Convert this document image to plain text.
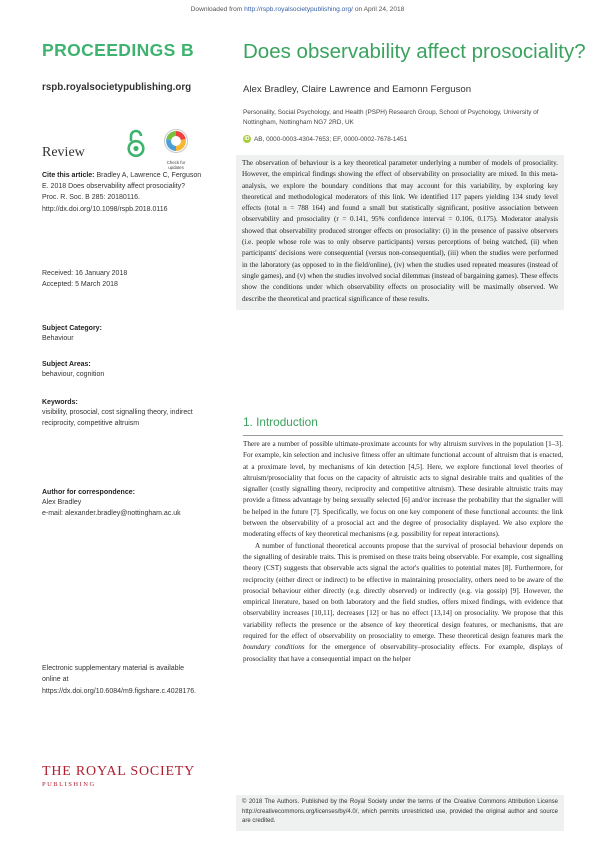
Downloaded from http://rspb.royalsocietypublishing.org/ on April 24, 2018
PROCEEDINGS B
rspb.royalsocietypublishing.org
Review
Check for updates
Cite this article: Bradley A, Lawrence C, Ferguson E. 2018 Does observability affect prosociality? Proc. R. Soc. B 285: 20180116. http://dx.doi.org/10.1098/rspb.2018.0116
Received: 16 January 2018
Accepted: 5 March 2018
Subject Category:
Behaviour
Subject Areas:
behaviour, cognition
Keywords:
visibility, prosocial, cost signalling theory, indirect reciprocity, competitive altruism
Author for correspondence:
Alex Bradley
e-mail: alexander.bradley@nottingham.ac.uk
Electronic supplementary material is available online at https://dx.doi.org/10.6084/m9.figshare.c.4028176.
THE ROYAL SOCIETY
PUBLISHING
Does observability affect prosociality?
Alex Bradley, Claire Lawrence and Eamonn Ferguson
Personality, Social Psychology, and Health (PSPH) Research Group, School of Psychology, University of Nottingham, Nottingham NG7 2RD, UK
iD AB, 0000-0003-4304-7653; EF, 0000-0002-7678-1451

The observation of behaviour is a key theoretical parameter underlying a number of models of prosociality. However, the empirical findings showing the effect of observability on prosociality are mixed. In this meta-analysis, we explore the boundary conditions that may account for this variability, by exploring key theoretical and methodological moderators of this link. We identified 117 papers yielding 134 study level effects (total n = 788 164) and found a small but statistically significant, positive association between observability and prosociality (r = 0.141, 95% confidence interval = 0.106, 0.175). Moderator analysis showed that observability produced stronger effects on prosociality: (i) in the presence of passive observers (i.e. people whose role was to only observe participants) versus perceptions of being watched, (ii) when participants' decisions were consequential (versus non-consequential), (iii) when the studies were performed in the laboratory (as opposed to in the field/online), (iv) when the studies used repeated measures (instead of single games), and (v) when the studies involved social dilemmas (instead of bargaining games). These effects show the conditions under which observability effects on prosociality will be maximally observed. We describe the theoretical and practical significance of these results.

1. Introduction

There are a number of possible ultimate-proximate accounts for why altruism survives in the population [1–3]. For example, kin selection and inclusive fitness offer an ultimate functional account of altruism that is enacted, at a proximate level, by mechanisms of kin detection [4,5]. Here, we explore functional level theories of altruism/prosociality that focus on the capacity of altruistic acts to signal desirable traits and qualities of the signaller (costly signalling theory, reciprocity and competitive altruism). These desirable altruistic traits may provide a fitness advantage by being sexually selected [6] and/or increase the probability that the signaller will be helped in the future [7]. Specifically, we focus on one key component of these functional accounts: the link between the observability of a prosocial act and the degree of prosociality displayed. We also explore the moderating effects of key theoretical mechanisms (e.g. possibility for repeat interactions).

A number of functional theoretical accounts propose that the survival of prosocial behaviour depends on the signalling of desirable traits. This is premised on these traits being observable. For example, cost signalling theory (CST) suggests that observable acts signal the actor's qualities to potential mates [8]. Furthermore, for reciprocity (either direct or indirect) to be effective in maintaining prosociality, others need to be aware of the prosocial behaviour either directly (e.g. directly observed) or indirectly (e.g. via gossip) [9]. However, the empirical literature, based on both laboratory and the field studies, offers mixed findings, with evidence that observability increases [10,11], decreases [12] or has no effect [13,14] on prosociality. We propose that this variability reflects the presence or the absence of key theoretical design features, or mechanisms, that are required for the effect of observability on prosociality to emerge. These theoretical design features mark the boundary conditions for the emergence of observability–prosociality effects. For example, displays of prosociality that have a consequential impact on the helper

© 2018 The Authors. Published by the Royal Society under the terms of the Creative Commons Attribution License http://creativecommons.org/licenses/by/4.0/, which permits unrestricted use, provided the original author and source are credited.
